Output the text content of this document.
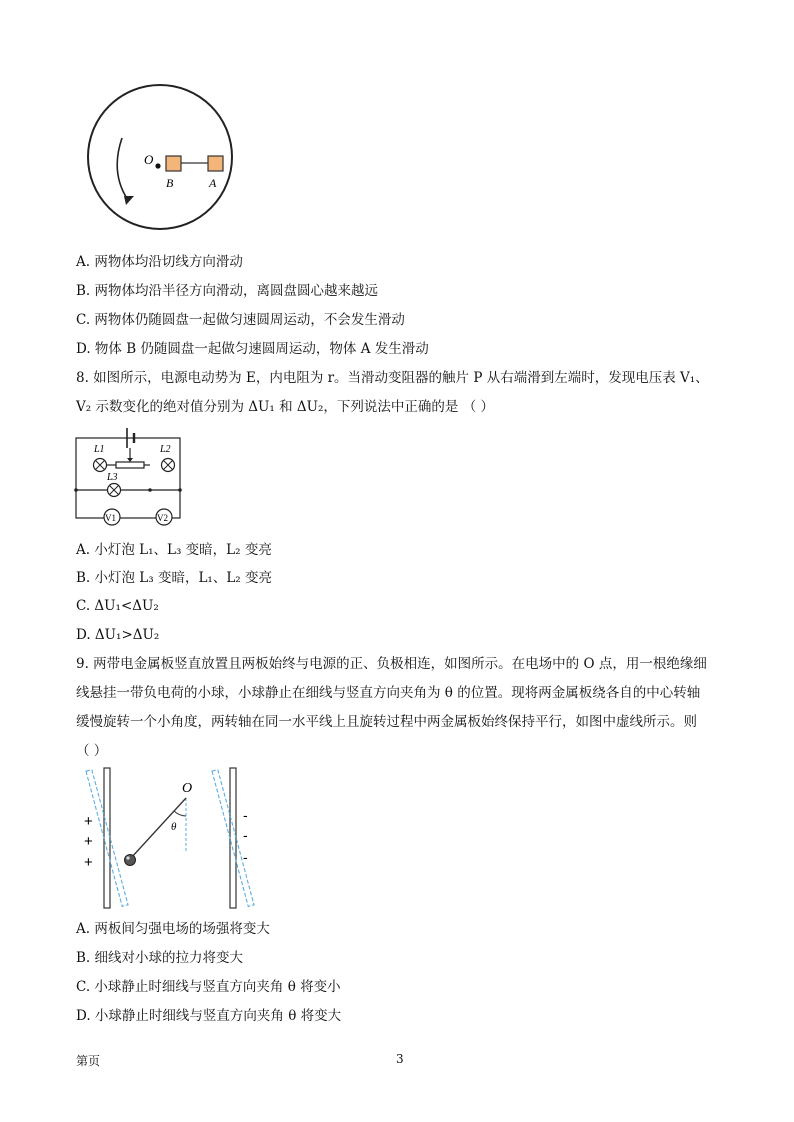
O
B	A
A. 两物体均沿切线方向滑动
B. 两物体均沿半径方向滑动，离圆盘圆心越来越远
C. 两物体仍随圆盘一起做匀速圆周运动，不会发生滑动
D. 物体 B 仍随圆盘一起做匀速圆周运动，物体 A 发生滑动
8. 如图所示，电源电动势为 E，内电阻为 r。当滑动变阻器的触片 P 从右端滑到左端时，发现电压表 V₁、
V₂ 示数变化的绝对值分别为 ΔU₁ 和 ΔU₂，下列说法中正确的是 （ ）
V1	V2
L1	L2
L3
A. 小灯泡 L₁、L₃ 变暗，L₂ 变亮
B. 小灯泡 L₃ 变暗，L₁、L₂ 变亮
C. ΔU₁<ΔU₂
D. ΔU₁>ΔU₂
9. 两带电金属板竖直放置且两板始终与电源的正、负极相连，如图所示。在电场中的 O 点，用一根绝缘细
线悬挂一带负电荷的小球，小球静止在细线与竖直方向夹角为 θ 的位置。现将两金属板绕各自的中心转轴
缓慢旋转一个小角度，两转轴在同一水平线上且旋转过程中两金属板始终保持平行，如图中虚线所示。则
（ ）
+
+
+
-
-
-
O
θ
A. 两板间匀强电场的场强将变大
B. 细线对小球的拉力将变大
C. 小球静止时细线与竖直方向夹角 θ 将变小
D. 小球静止时细线与竖直方向夹角 θ 将变大
第页	3
